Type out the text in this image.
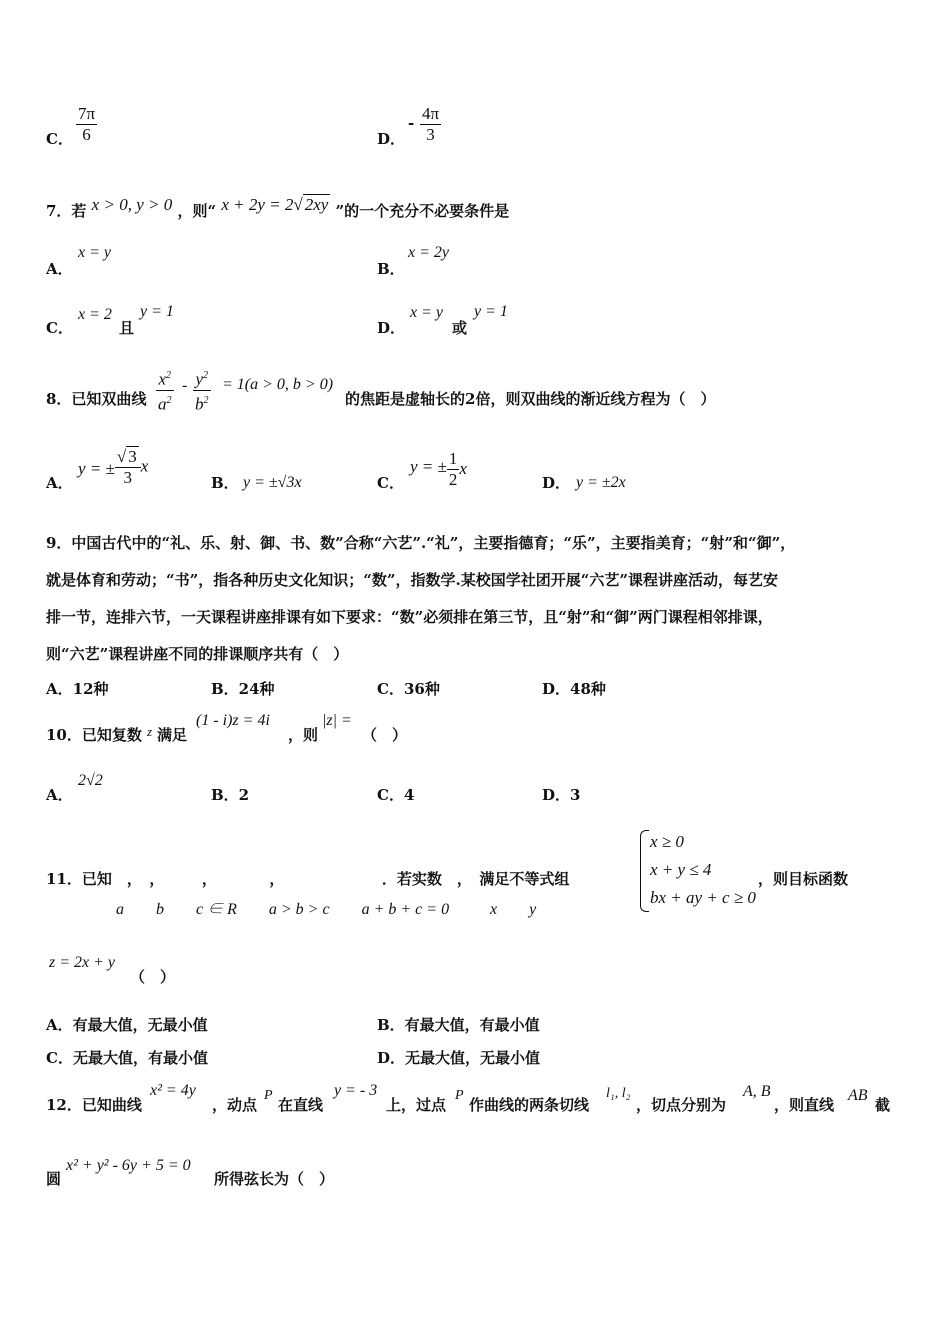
C． $\frac{7\pi}{6}$	D．
- $\frac{4\pi}{3}$
7．若 x > 0, y > 0 ，则“ x + 2y = 2√ 2xy ”的一个充分不必要条件是
A．
x = y
B．
x = 2y
C．
x = 2
且
y = 1
D．
x = y
或
y = 1
8．已知双曲线 $\frac{x^2}{a^2} - \frac{y^2}{b^2} = 1(a > 0$, b > 0)
的焦距是虚轴长的2倍，则双曲线的渐近线方程为（　）
A．
y = ± $\frac{√ 3}{3}$ x
B． y = ±√3x	C．
y = ± $\frac{1}{2}$ x
D． y = ±2x
9．中国古代中的“礼、乐、射、御、书、数”合称“六艺”.“礼”，主要指德育；“乐”，主要指美育；“射”和“御”，
就是体育和劳动；“书”，指各种历史文化知识；“数”，指数学.某校国学社团开展“六艺”课程讲座活动，每艺安
排一节，连排六节，一天课程讲座排课有如下要求：“数”必须排在第三节，且“射”和“御”两门课程相邻排课，
则“六艺”课程讲座不同的排课顺序共有（　）
A．12种	B．24种	C．36种	D．48种
10．已知复数 z 满足
(1 - i)z = 4i
，则
|z| =
（　）
A．
2√2
B．2	C．4	D．3
11．已知　，　，　　　，　　　　，　　　　　　　．若实数　，　满足不等式组
a　　b　　c ∈ R　　a > b > c　　a + b + c = 0	x　　y
x ≥ 0
x + y ≤ 4
bx + ay + c ≥ 0
，则目标函数
z = 2x + y
（　）
A．有最大值，无最小值	B．有最大值，有最小值
C．无最大值，有最小值	D．无最大值，无最小值
12．已知曲线
x² = 4y
，动点
P
在直线
y = - 3
上，过点
P
作曲线的两条切线
l₁, l₂
，切点分别为
A, B
，则直线
AB
截
圆
x² + y² - 6y + 5 = 0
所得弦长为（　）
